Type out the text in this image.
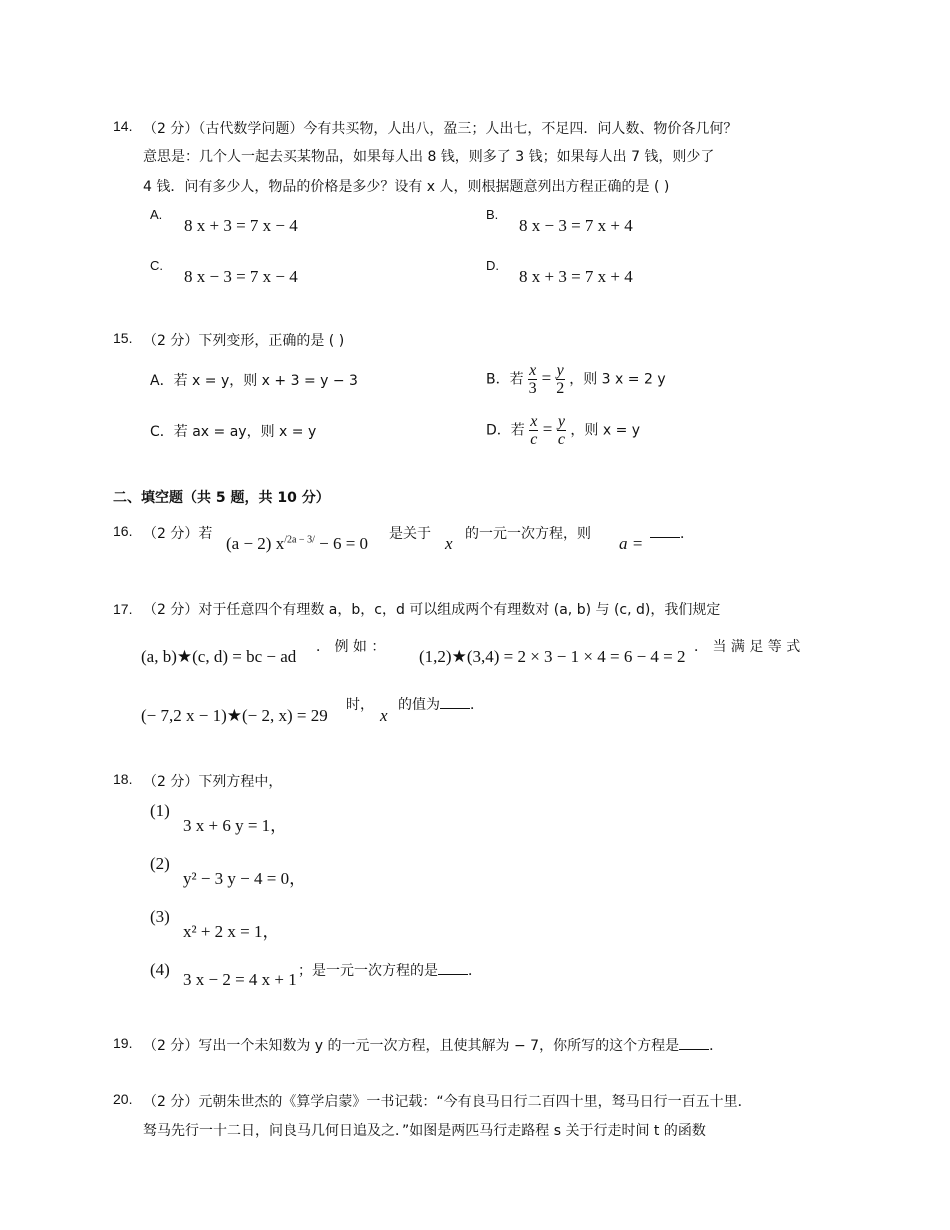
14. （2 分）（古代数学问题）今有共买物，人出八，盈三；人出七，不足四．问人数、物价各几何？
意思是：几个人一起去买某物品，如果每人出 8 钱，则多了 3 钱；如果每人出 7 钱，则少了
4 钱．问有多少人，物品的价格是多少？设有 x 人，则根据题意列出方程正确的是 ( )
A.
8 x + 3 = 7 x − 4
B.
8 x − 3 = 7 x + 4
C.
8 x − 3 = 7 x − 4
D.
8 x + 3 = 7 x + 4
15. （2 分）下列变形，正确的是 ( )
A．若 x = y，则 x + 3 = y − 3	B．若 $\frac{x}{3} = \frac{y}{2}$ ，则 3 x = 2 y
C．若 ax = ay，则 x = y	D．若 $\frac{x}{c} = \frac{y}{c}$ ，则 x = y
二、填空题（共 5 题，共 10 分）
16. （2 分）若 (a − 2) $x^{/2a - 3/} - 6 = 0$ 是关于 x 的一元一次方程，则 a =	．
17. （2 分）对于任意四个有理数 a，b，c，d 可以组成两个有理数对 (a, b) 与 (c, d)，我们规定
(a, b)★(c, d) = bc − ad ． 例 如 ： (1,2)★(3,4) = 2 × 3 − 1 × 4 = 6 − 4 = 2 ． 当 满 足 等 式
(− 7,2 x − 1)★(− 2, x) = 29
时，
x
的值为 ．
18. （2 分）下列方程中，
(1)
3 x + 6 y = 1，
(2)
y² − 3 y − 4 = 0，
(3)
x² + 2 x = 1，
(4)
3 x − 2 = 4 x + 1 ；是一元一次方程的是 ．
19. （2 分）写出一个未知数为 y 的一元一次方程，且使其解为 − 7，你所写的这个方程是 ．
20. （2 分）元朝朱世杰的《算学启蒙》一书记载：“今有良马日行二百四十里，驽马日行一百五十里．
驽马先行一十二日，问良马几何日追及之．”如图是两匹马行走路程 s 关于行走时间 t 的函数
